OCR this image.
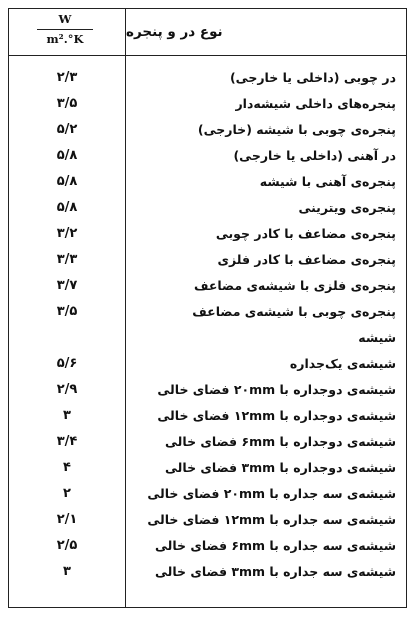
$\frac{W}{\text{m².°K}}$ نوع در و پنجره
در چوبی (داخلی یا خارجی)
۲/۳
پنجره‌های داخلی شیشه‌دار
۳/۵
پنجره‌ی چوبی با شیشه (خارجی)
۵/۲
در آهنی (داخلی یا خارجی)
۵/۸
پنجره‌ی آهنی با شیشه
۵/۸
پنجره‌ی ویترینی
۵/۸
پنجره‌ی مضاعف با کادر چوبی
۳/۲
پنجره‌ی مضاعف با کادر فلزی
۳/۳
پنجره‌ی فلزی با شیشه‌ی مضاعف
۳/۷
پنجره‌ی چوبی با شیشه‌ی مضاعف
۳/۵
شیشه
شیشه‌ی یک‌جداره
۵/۶
شیشه‌ی دوجداره با ۲۰mm فضای خالی
۲/۹
شیشه‌ی دوجداره با ۱۲mm فضای خالی
۳
شیشه‌ی دوجداره با ۶mm فضای خالی
۳/۴
شیشه‌ی دوجداره با ۳mm فضای خالی
۴
شیشه‌ی سه جداره با ۲۰mm فضای خالی
۲
شیشه‌ی سه جداره با ۱۲mm فضای خالی
۲/۱
شیشه‌ی سه جداره با ۶mm فضای خالی
۲/۵
شیشه‌ی سه جداره با ۳mm فضای خالی
۳
